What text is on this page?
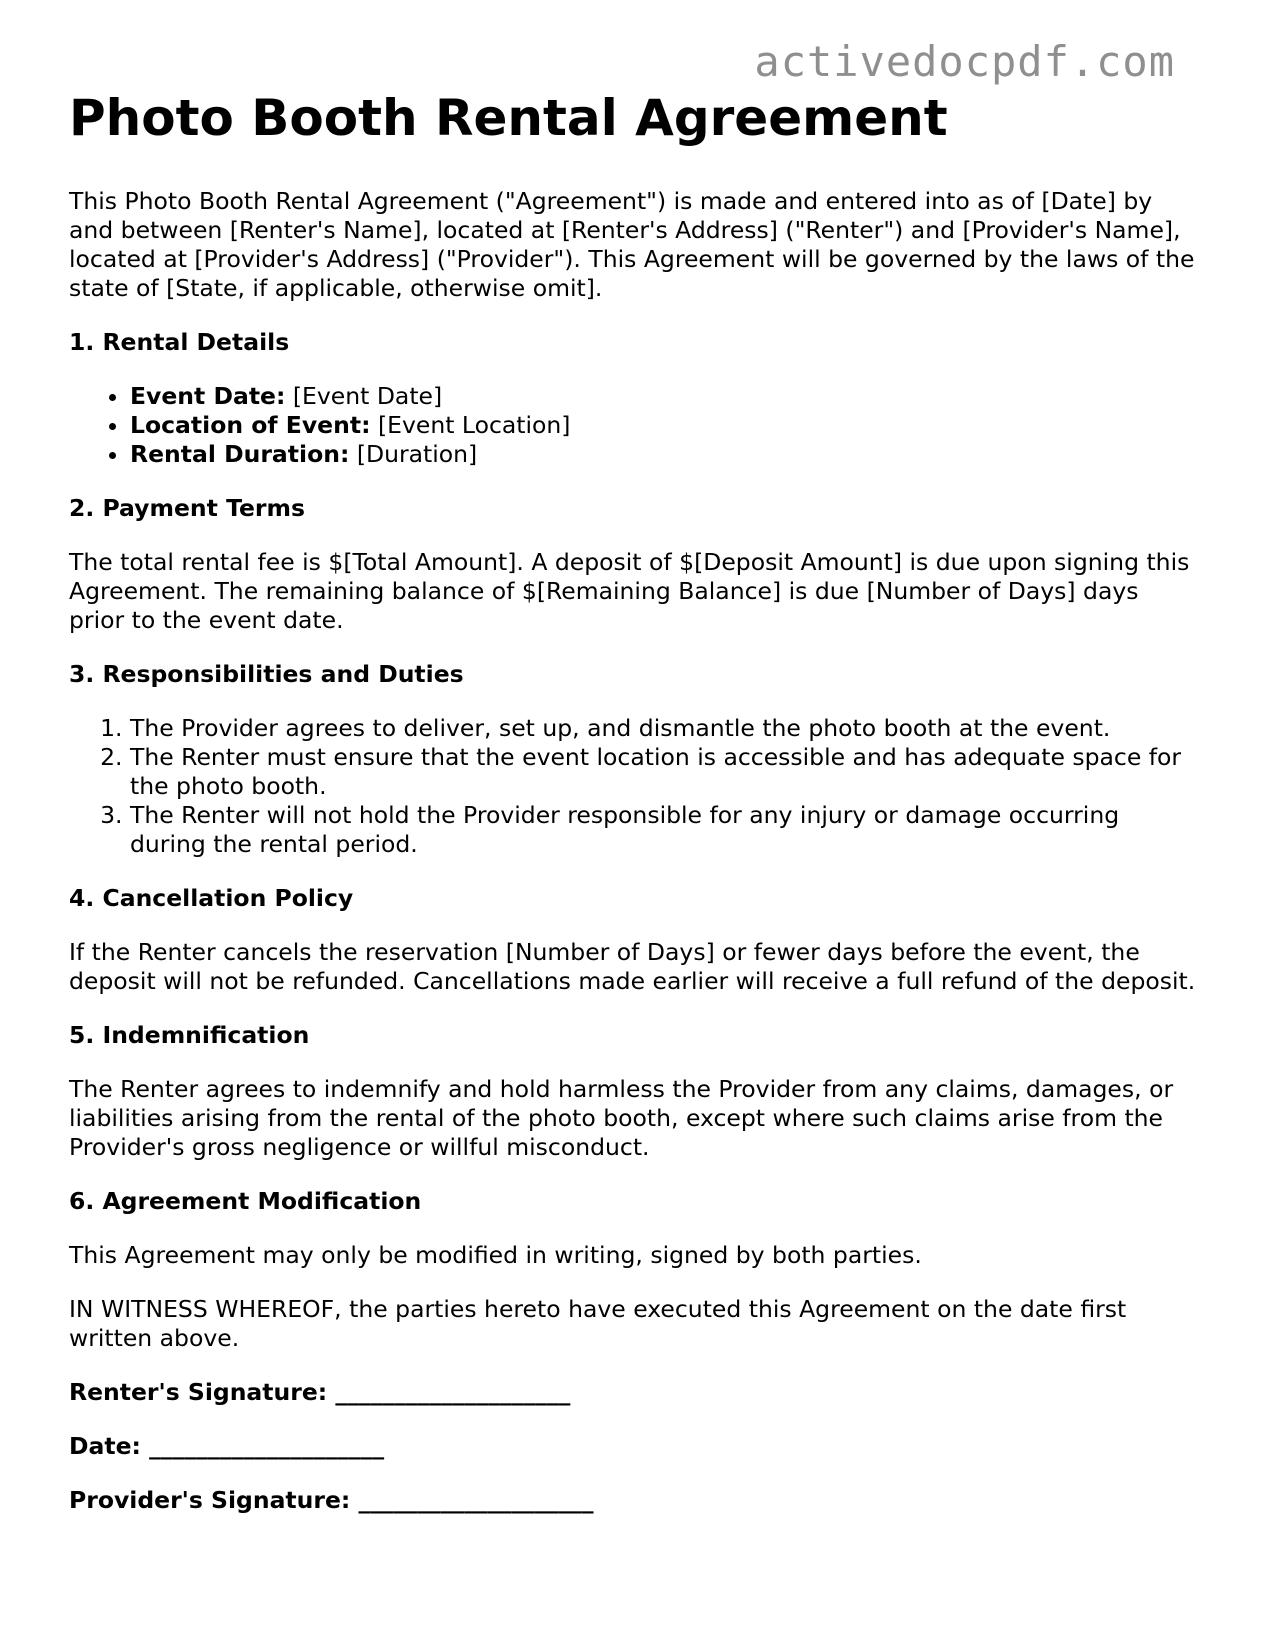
activedocpdf.com
Photo Booth Rental Agreement

This Photo Booth Rental Agreement ("Agreement") is made and entered into as of [Date] by and between [Renter's Name], located at [Renter's Address] ("Renter") and [Provider's Name], located at [Provider's Address] ("Provider"). This Agreement will be governed by the laws of the state of [State, if applicable, otherwise omit].

1. Rental Details
• Event Date: [Event Date]
• Location of Event: [Event Location]
• Rental Duration: [Duration]
2. Payment Terms

The total rental fee is $[Total Amount]. A deposit of $[Deposit Amount] is due upon signing this Agreement. The remaining balance of $[Remaining Balance] is due [Number of Days] days prior to the event date.

3. Responsibilities and Duties
1. The Provider agrees to deliver, set up, and dismantle the photo booth at the event.
2. The Renter must ensure that the event location is accessible and has adequate space for the photo booth.
3. The Renter will not hold the Provider responsible for any injury or damage occurring during the rental period.
4. Cancellation Policy

If the Renter cancels the reservation [Number of Days] or fewer days before the event, the deposit will not be refunded. Cancellations made earlier will receive a full refund of the deposit.

5. Indemnification

The Renter agrees to indemnify and hold harmless the Provider from any claims, damages, or liabilities arising from the rental of the photo booth, except where such claims arise from the Provider's gross negligence or willful misconduct.

6. Agreement Modification

This Agreement may only be modified in writing, signed by both parties.

IN WITNESS WHEREOF, the parties hereto have executed this Agreement on the date first written above.

Renter's Signature: ____________________
Date: ____________________
Provider's Signature: ____________________
